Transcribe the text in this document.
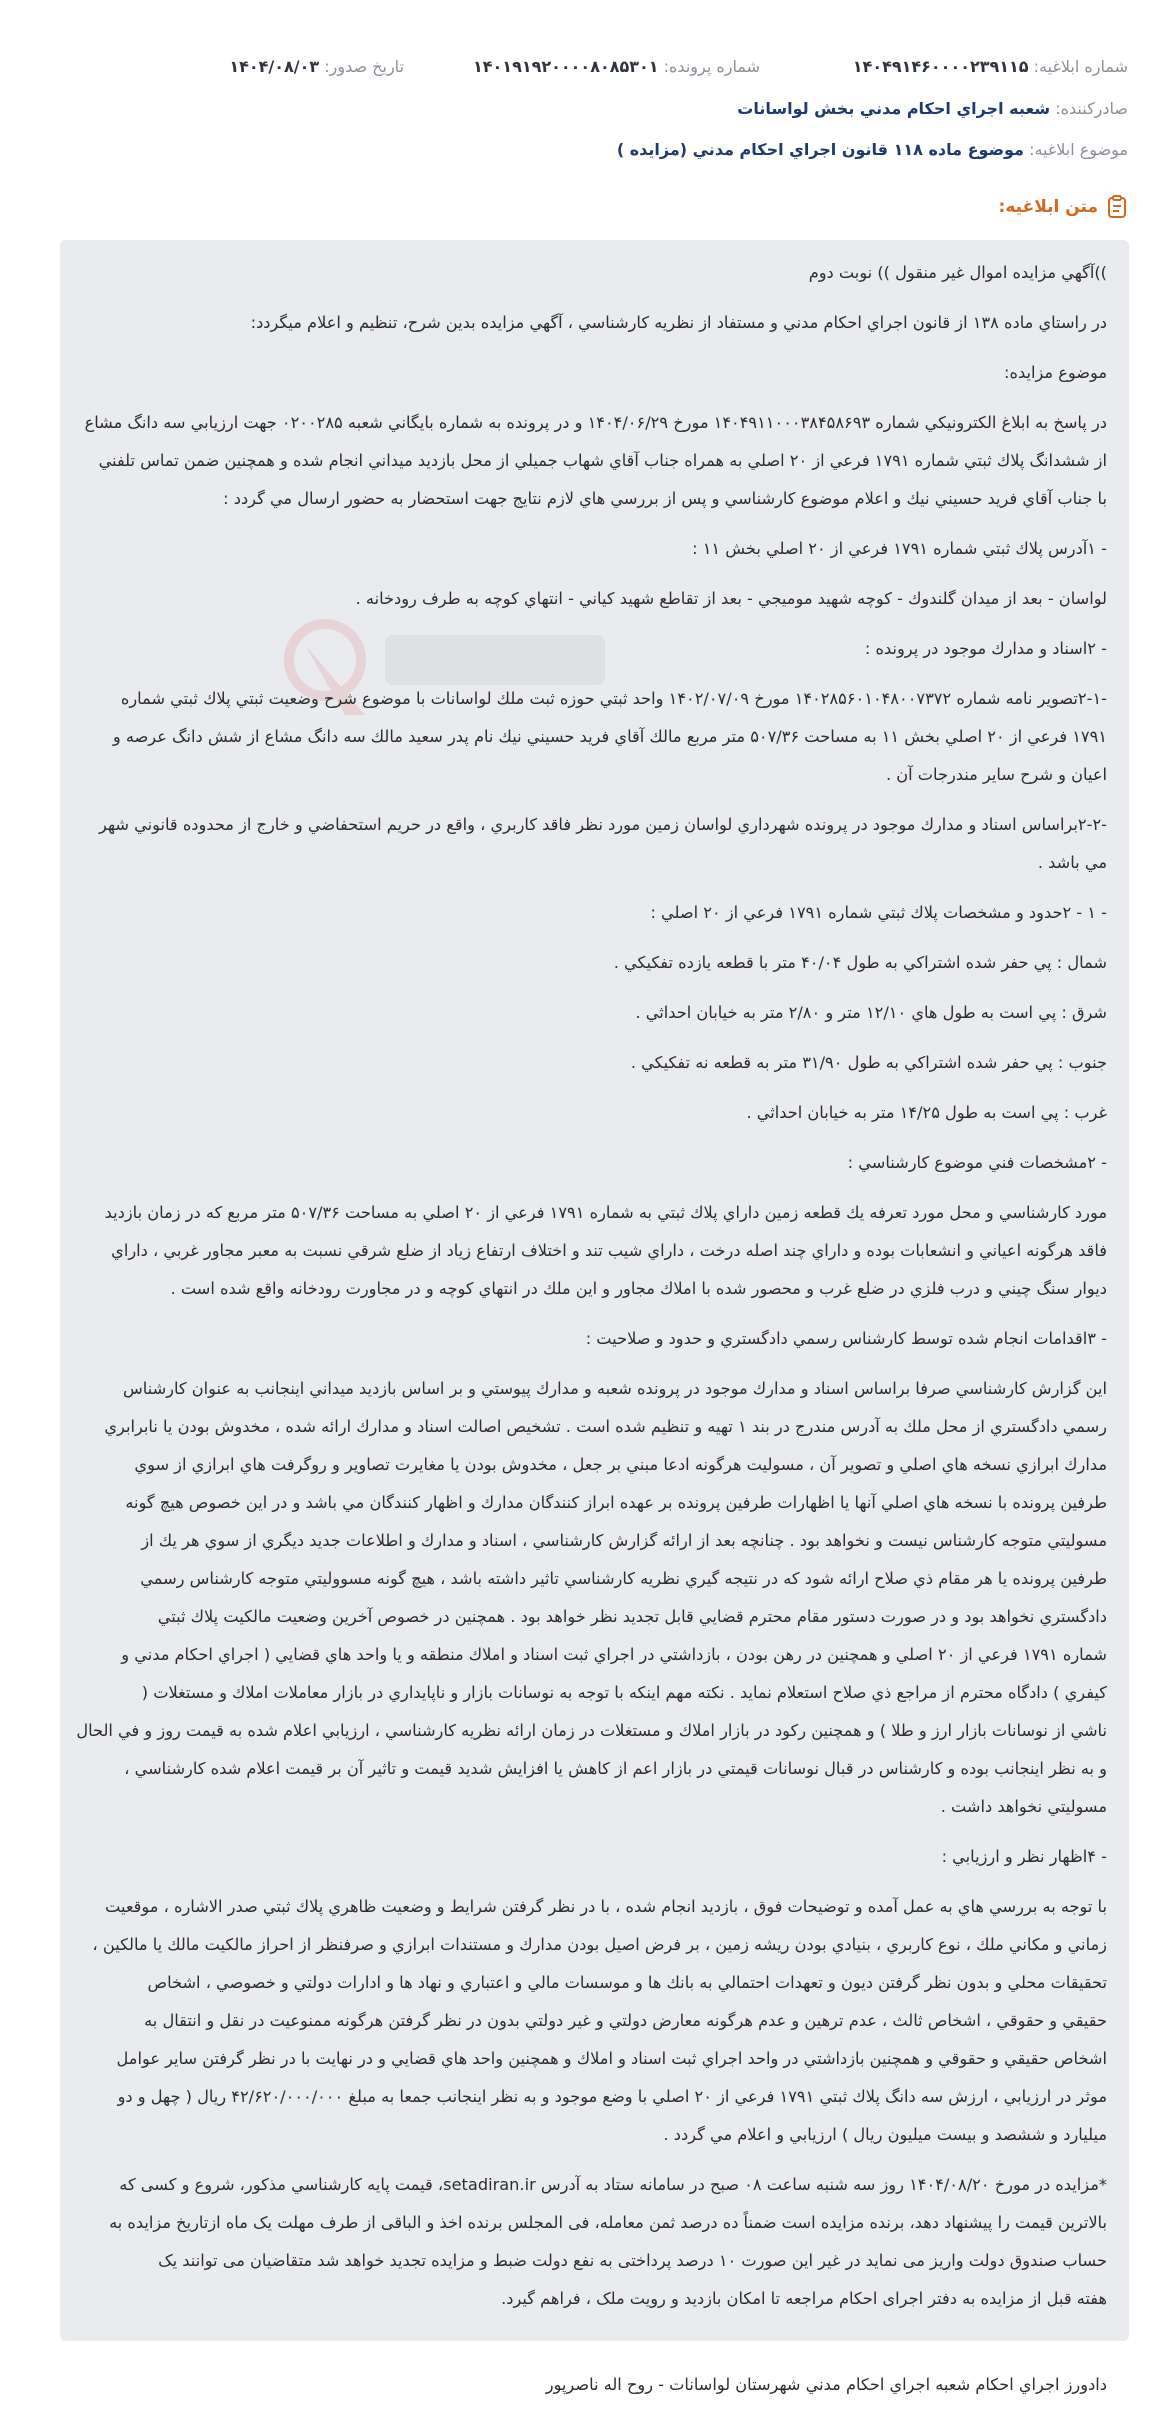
شماره ابلاغیه: ۱۴۰۴۹۱۴۶۰۰۰۰۲۳۹۱۱۵
شماره پرونده: ۱۴۰۱۹۱۹۲۰۰۰۰۸۰۸۵۳۰۱
تاریخ صدور: ۱۴۰۴/۰۸/۰۳
صادرکننده: شعبه اجراي احکام مدني بخش لواسانات
موضوع ابلاغیه: موضوع ماده ۱۱۸ قانون اجراي احکام مدني (مزايده )
متن ابلاغیه:

))آگهي مزايده اموال غير منقول )) نوبت دوم

در راستاي ماده ۱۳۸ از قانون اجراي احکام مدني و مستفاد از نظريه کارشناسي ، آگهي مزايده بدين شرح، تنظيم و اعلام ميگردد:

موضوع مزايده:

در پاسخ به ابلاغ الكترونيكي شماره ۱۴۰۴۹۱۱۰۰۰۳۸۴۵۸۶۹۳ مورخ ۱۴۰۴/۰۶/۲۹ و در پرونده به شماره بايگاني شعبه ۰۲۰۰۲۸۵ جهت ارزيابي سه دانگ مشاع

از ششدانگ پلاك ثبتي شماره ۱۷۹۱ فرعي از ۲۰ اصلي به همراه جناب آقاي شهاب جميلي از محل بازديد ميداني انجام شده و همچنين ضمن تماس تلفني

با جناب آقاي فريد حسيني نيك و اعلام موضوع كارشناسي و پس از بررسي هاي لازم نتايج جهت استحضار به حضور ارسال مي گردد :

- ۱آدرس پلاك ثبتي شماره ۱۷۹۱ فرعي از ۲۰ اصلي بخش ۱۱ :

لواسان - بعد از ميدان گلندوك - كوچه شهيد موميجي - بعد از تقاطع شهيد كياني - انتهاي كوچه به طرف رودخانه .

- ۲اسناد و مدارك موجود در پرونده :

-۲-۱تصوير نامه شماره ۱۴۰۲۸۵۶۰۱۰۴۸۰۰۷۳۷۲ مورخ ۱۴۰۲/۰۷/۰۹ واحد ثبتي حوزه ثبت ملك لواسانات با موضوع شرح وضعيت ثبتي پلاك ثبتي شماره

۱۷۹۱ فرعي از ۲۰ اصلي بخش ۱۱ به مساحت ۵۰۷/۳۶ متر مربع مالك آقاي فريد حسيني نيك نام پدر سعيد مالك سه دانگ مشاع از شش دانگ عرصه و

اعيان و شرح ساير مندرجات آن .

-۲-۲براساس اسناد و مدارك موجود در پرونده شهرداري لواسان زمين مورد نظر فاقد كاربري ، واقع در حريم استحفاضي و خارج از محدوده قانوني شهر

مي باشد .

- ۱ - ۲حدود و مشخصات پلاك ثبتي شماره ۱۷۹۱ فرعي از ۲۰ اصلي :

شمال : پي حفر شده اشتراكي به طول ۴۰/۰۴ متر با قطعه يازده تفكيكي .

شرق : پي است به طول هاي ۱۲/۱۰ متر و ۲/۸۰ متر به خيابان احداثي .

جنوب : پي حفر شده اشتراكي به طول ۳۱/۹۰ متر به قطعه نه تفكيكي .

غرب : پي است به طول ۱۴/۲۵ متر به خيابان احداثي .

- ۲مشخصات فني موضوع كارشناسي :

مورد كارشناسي و محل مورد تعرفه يك قطعه زمين داراي پلاك ثبتي به شماره ۱۷۹۱ فرعي از ۲۰ اصلي به مساحت ۵۰۷/۳۶ متر مربع كه در زمان بازديد

فاقد هرگونه اعياني و انشعابات بوده و داراي چند اصله درخت ، داراي شيب تند و اختلاف ارتفاع زياد از ضلع شرقي نسبت به معبر مجاور غربي ، داراي

ديوار سنگ چيني و درب فلزي در ضلع غرب و محصور شده با املاك مجاور و اين ملك در انتهاي كوچه و در مجاورت رودخانه واقع شده است .

- ۳اقدامات انجام شده توسط كارشناس رسمي دادگستري و حدود و صلاحيت :

اين گزارش كارشناسي صرفا براساس اسناد و مدارك موجود در پرونده شعبه و مدارك پيوستي و بر اساس بازديد ميداني اينجانب به عنوان كارشناس

رسمي دادگستري از محل ملك به آدرس مندرج در بند ۱ تهيه و تنظيم شده است . تشخيص اصالت اسناد و مدارك ارائه شده ، مخدوش بودن يا نابرابري

مدارك ابرازي نسخه هاي اصلي و تصوير آن ، مسوليت هرگونه ادعا مبني بر جعل ، مخدوش بودن يا مغايرت تصاوير و روگرفت هاي ابرازي از سوي

طرفين پرونده با نسخه هاي اصلي آنها يا اظهارات طرفين پرونده بر عهده ابراز كنندگان مدارك و اظهار كنندگان مي باشد و در اين خصوص هيچ گونه

مسوليتي متوجه كارشناس نيست و نخواهد بود . چنانچه بعد از ارائه گزارش كارشناسي ، اسناد و مدارك و اطلاعات جديد ديگري از سوي هر يك از

طرفين پرونده يا هر مقام ذي صلاح ارائه شود كه در نتيجه گيري نظريه كارشناسي تاثير داشته باشد ، هيچ گونه مسووليتي متوجه كارشناس رسمي

دادگستري نخواهد بود و در صورت دستور مقام محترم قضايي قابل تجديد نظر خواهد بود . همچنين در خصوص آخرين وضعيت مالكيت پلاك ثبتي

شماره ۱۷۹۱ فرعي از ۲۰ اصلي و همچنين در رهن بودن ، بازداشتي در اجراي ثبت اسناد و املاك منطقه و يا واحد هاي قضايي ( اجراي احكام مدني و

كيفري ) دادگاه محترم از مراجع ذي صلاح استعلام نمايد . نكته مهم اينكه با توجه به نوسانات بازار و ناپايداري در بازار معاملات املاك و مستغلات (

ناشي از نوسانات بازار ارز و طلا ) و همچنين ركود در بازار املاك و مستغلات در زمان ارائه نظريه كارشناسي ، ارزيابي اعلام شده به قيمت روز و في الحال

و به نظر اينجانب بوده و كارشناس در قبال نوسانات قيمتي در بازار اعم از كاهش يا افزايش شديد قيمت و تاثير آن بر قيمت اعلام شده كارشناسي ،

مسوليتي نخواهد داشت .

- ۴اظهار نظر و ارزيابي :

با توجه به بررسي هاي به عمل آمده و توضيحات فوق ، بازديد انجام شده ، با در نظر گرفتن شرايط و وضعيت ظاهري پلاك ثبتي صدر الاشاره ، موقعيت

زماني و مكاني ملك ، نوع كاربري ، بنيادي بودن ريشه زمين ، بر فرض اصيل بودن مدارك و مستندات ابرازي و صرفنظر از احراز مالكيت مالك يا مالكين ،

تحقيقات محلي و بدون نظر گرفتن ديون و تعهدات احتمالي به بانك ها و موسسات مالي و اعتباري و نهاد ها و ادارات دولتي و خصوصي ، اشخاص

حقيقي و حقوقي ، اشخاص ثالث ، عدم ترهين و عدم هرگونه معارض دولتي و غير دولتي بدون در نظر گرفتن هرگونه ممنوعيت در نقل و انتقال به

اشخاص حقيقي و حقوقي و همچنين بازداشتي در واحد اجراي ثبت اسناد و املاك و همچنين واحد هاي قضايي و در نهايت با در نظر گرفتن ساير عوامل

موثر در ارزيابي ، ارزش سه دانگ پلاك ثبتي ۱۷۹۱ فرعي از ۲۰ اصلي با وضع موجود و به نظر اينجانب جمعا به مبلغ ۴۲/۶۲۰/۰۰۰/۰۰۰ ريال ( چهل و دو

ميليارد و ششصد و بيست ميليون ريال ) ارزيابي و اعلام مي گردد .

*مزايده در مورخ ۱۴۰۴/۰۸/۲۰ روز سه شنبه ساعت ۰۸ صبح در سامانه ستاد به آدرس setadiran.ir، قيمت پايه كارشناسي مذكور، شروع و كسى كه

بالاترين قيمت را پيشنهاد دهد، برنده مزايده است ضمناً ده درصد ثمن معامله، فى المجلس برنده اخذ و الباقى از طرف مهلت يک ماه ازتاريخ مزايده به

حساب صندوق دولت واريز مى نمايد در غير اين صورت ۱۰ درصد پرداختى به نفع دولت ضبط و مزايده تجديد خواهد شد متقاضيان مى توانند يک

هفته قبل از مزايده به دفتر اجراى احکام مراجعه تا امکان بازديد و رويت ملک ، فراهم گيرد.

دادورز اجراي احكام شعبه اجراي احكام مدني شهرستان لواسانات - روح اله ناصرپور
